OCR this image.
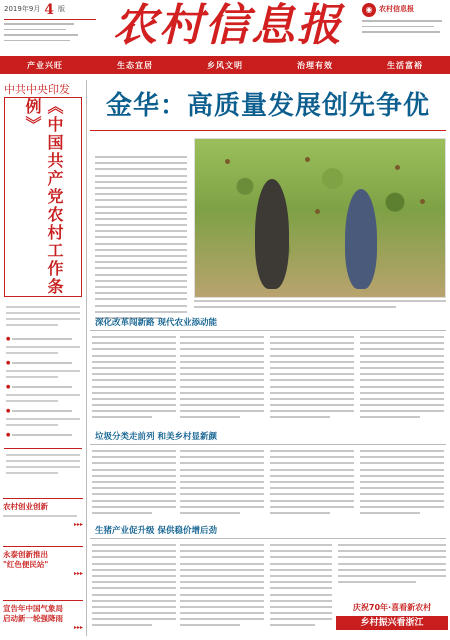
2019年9月 4 版 农村信息报	◉ 农村信息报
产业兴旺	生态宜居	乡风文明	治理有效	生活富裕
中共中央印发
《中国共产党农村工作条例》
●
●
●
●
●
农村创业创新
▸▸▸
永泰创新推出
"红色便民站"
▸▸▸
宣告年中国气象局
启动新一轮强降雨
▸▸▸
金华：高质量发展创先争优
深化改革闯新路 现代农业添动能
垃圾分类走前列 和美乡村显新颜
生猪产业促升级 保供稳价增后劲
庆祝70年·喜看新农村
乡村振兴看浙江
